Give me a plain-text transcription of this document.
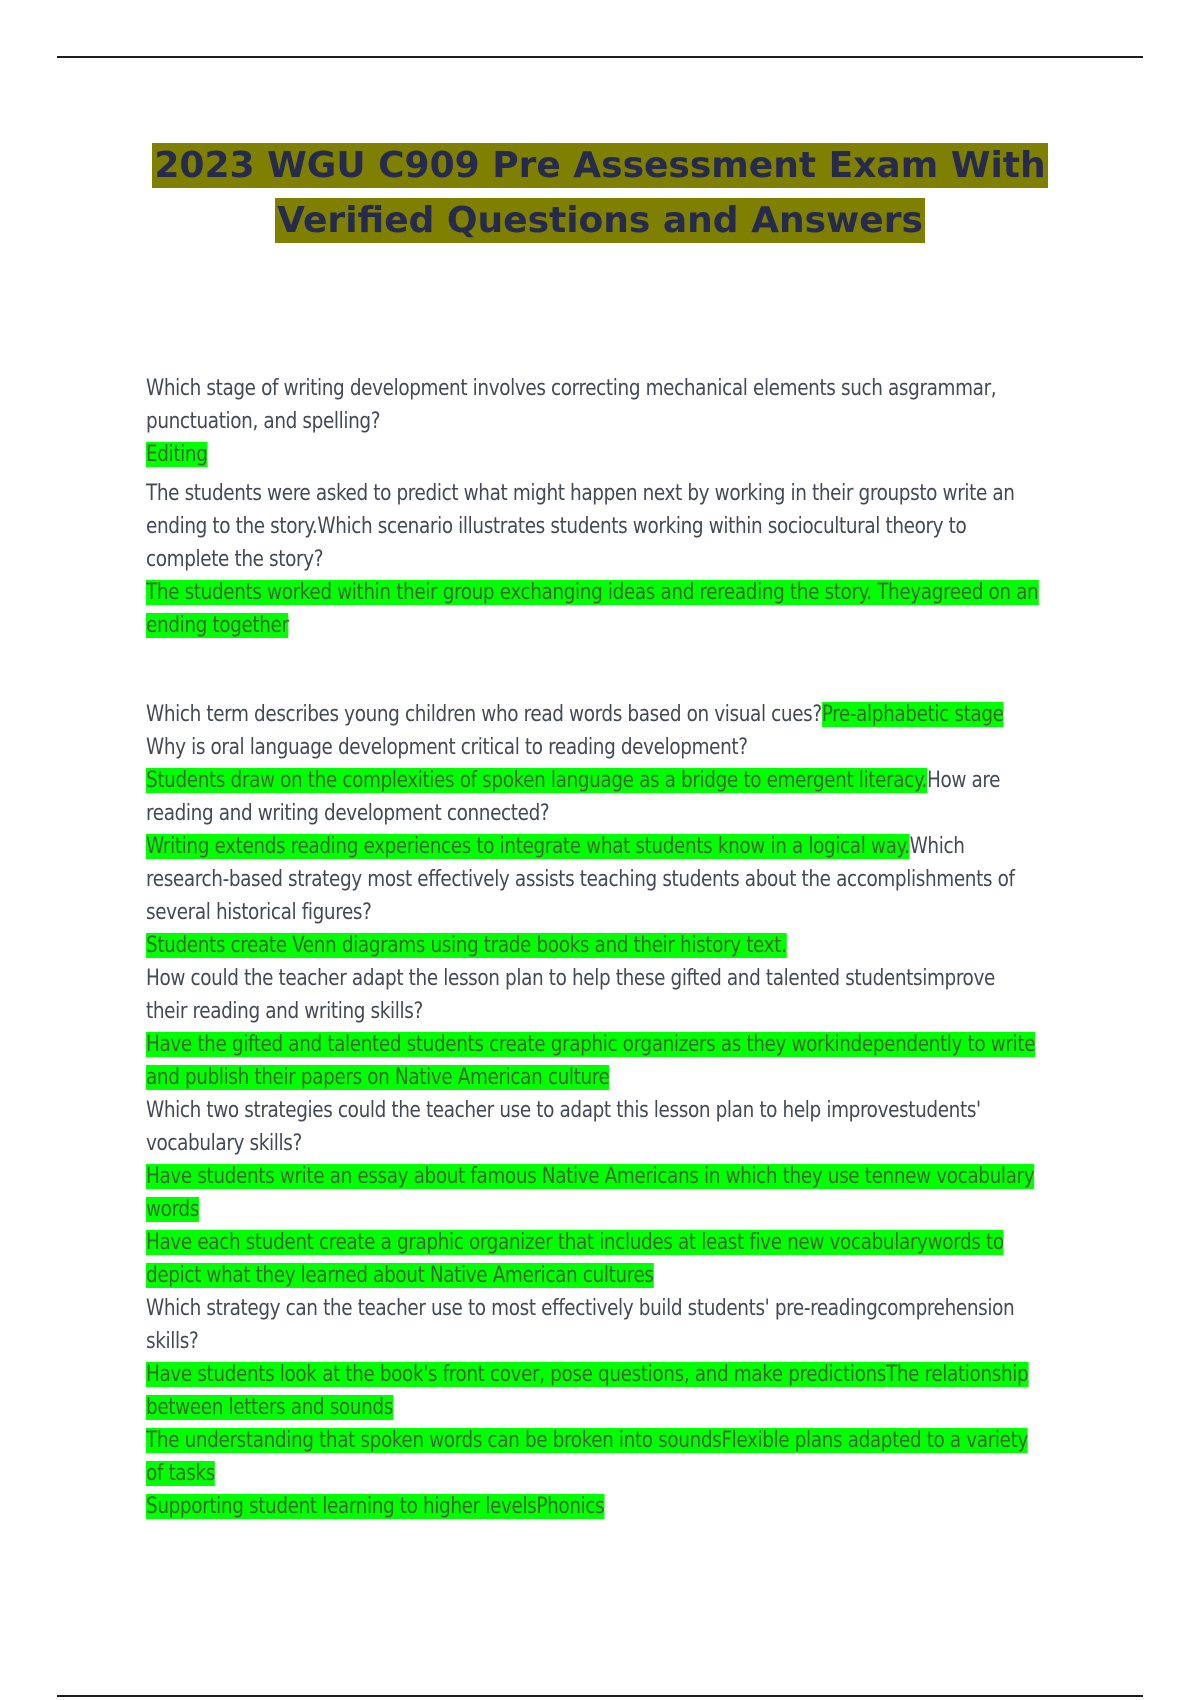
2023 WGU C909 Pre Assessment Exam With
Verified Questions and Answers

Which stage of writing development involves correcting mechanical elements such asgrammar, punctuation, and spelling?
Editing

The students were asked to predict what might happen next by working in their groupsto write an ending to the story.Which scenario illustrates students working within sociocultural theory to complete the story?
The students worked within their group exchanging ideas and rereading the story. Theyagreed on an ending together

Which term describes young children who read words based on visual cues?Pre-alphabetic stage
Why is oral language development critical to reading development?
Students draw on the complexities of spoken language as a bridge to emergent literacy.How are reading and writing development connected?
Writing extends reading experiences to integrate what students know in a logical way.Which research-based strategy most effectively assists teaching students about the accomplishments of several historical figures?
Students create Venn diagrams using trade books and their history text.
How could the teacher adapt the lesson plan to help these gifted and talented studentsimprove their reading and writing skills?
Have the gifted and talented students create graphic organizers as they workindependently to write and publish their papers on Native American culture
Which two strategies could the teacher use to adapt this lesson plan to help improvestudents' vocabulary skills?
Have students write an essay about famous Native Americans in which they use tennew vocabulary words
Have each student create a graphic organizer that includes at least five new vocabularywords to depict what they learned about Native American cultures
Which strategy can the teacher use to most effectively build students' pre-readingcomprehension skills?
Have students look at the book's front cover, pose questions, and make predictionsThe relationship between letters and sounds
The understanding that spoken words can be broken into soundsFlexible plans adapted to a variety of tasks
Supporting student learning to higher levelsPhonics
